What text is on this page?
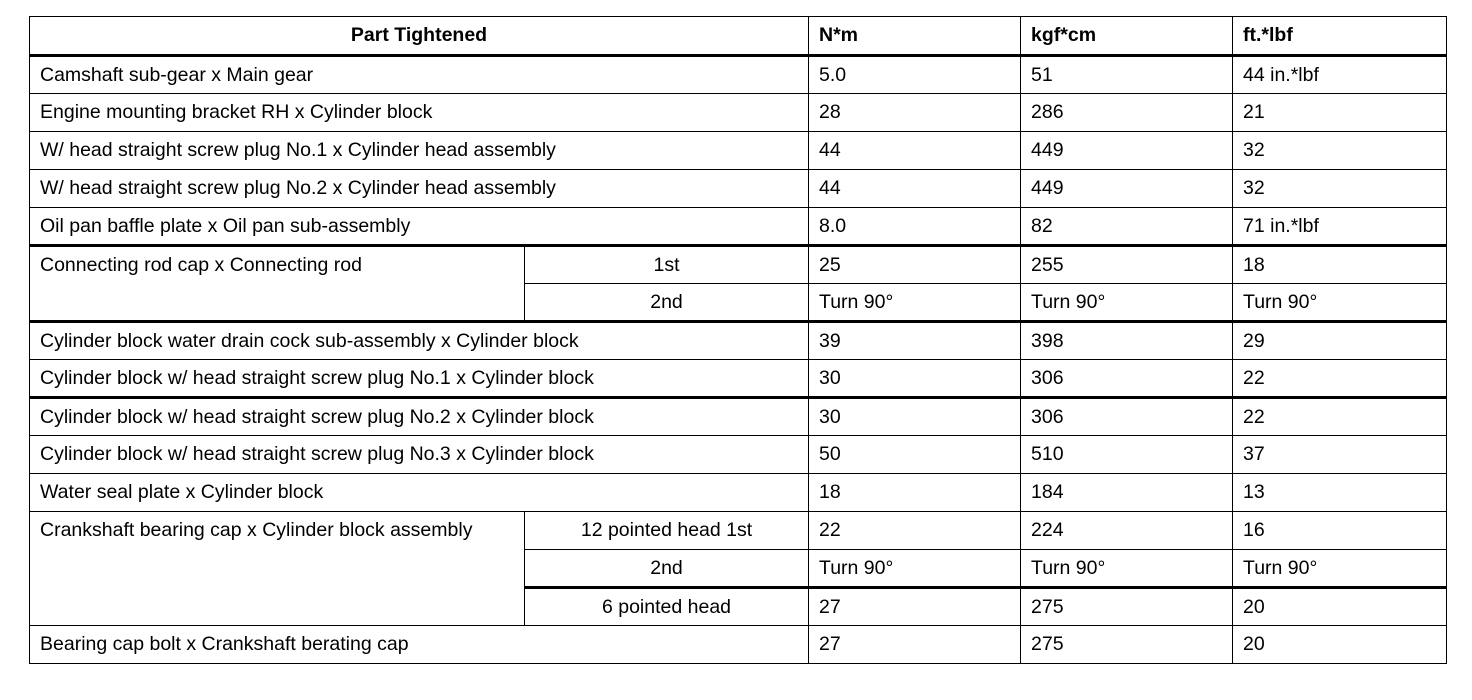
Part Tightened		N*m	kgf*cm	ft.*lbf
Camshaft sub-gear x Main gear		5.0	51	44 in.*lbf
Engine mounting bracket RH x Cylinder block		28	286	21
W/ head straight screw plug No.1 x Cylinder head assembly		44	449	32
W/ head straight screw plug No.2 x Cylinder head assembly		44	449	32
Oil pan baffle plate x Oil pan sub-assembly		8.0	82	71 in.*lbf
Connecting rod cap x Connecting rod	1st	25	255	18
	2nd	Turn 90°	Turn 90°	Turn 90°
Cylinder block water drain cock sub-assembly x Cylinder block		39	398	29
Cylinder block w/ head straight screw plug No.1 x Cylinder block		30	306	22
Cylinder block w/ head straight screw plug No.2 x Cylinder block		30	306	22
Cylinder block w/ head straight screw plug No.3 x Cylinder block		50	510	37
Water seal plate x Cylinder block		18	184	13
Crankshaft bearing cap x Cylinder block assembly	12 pointed head 1st	22	224	16
	2nd	Turn 90°	Turn 90°	Turn 90°
	6 pointed head	27	275	20
Bearing cap bolt x Crankshaft berating cap		27	275	20
